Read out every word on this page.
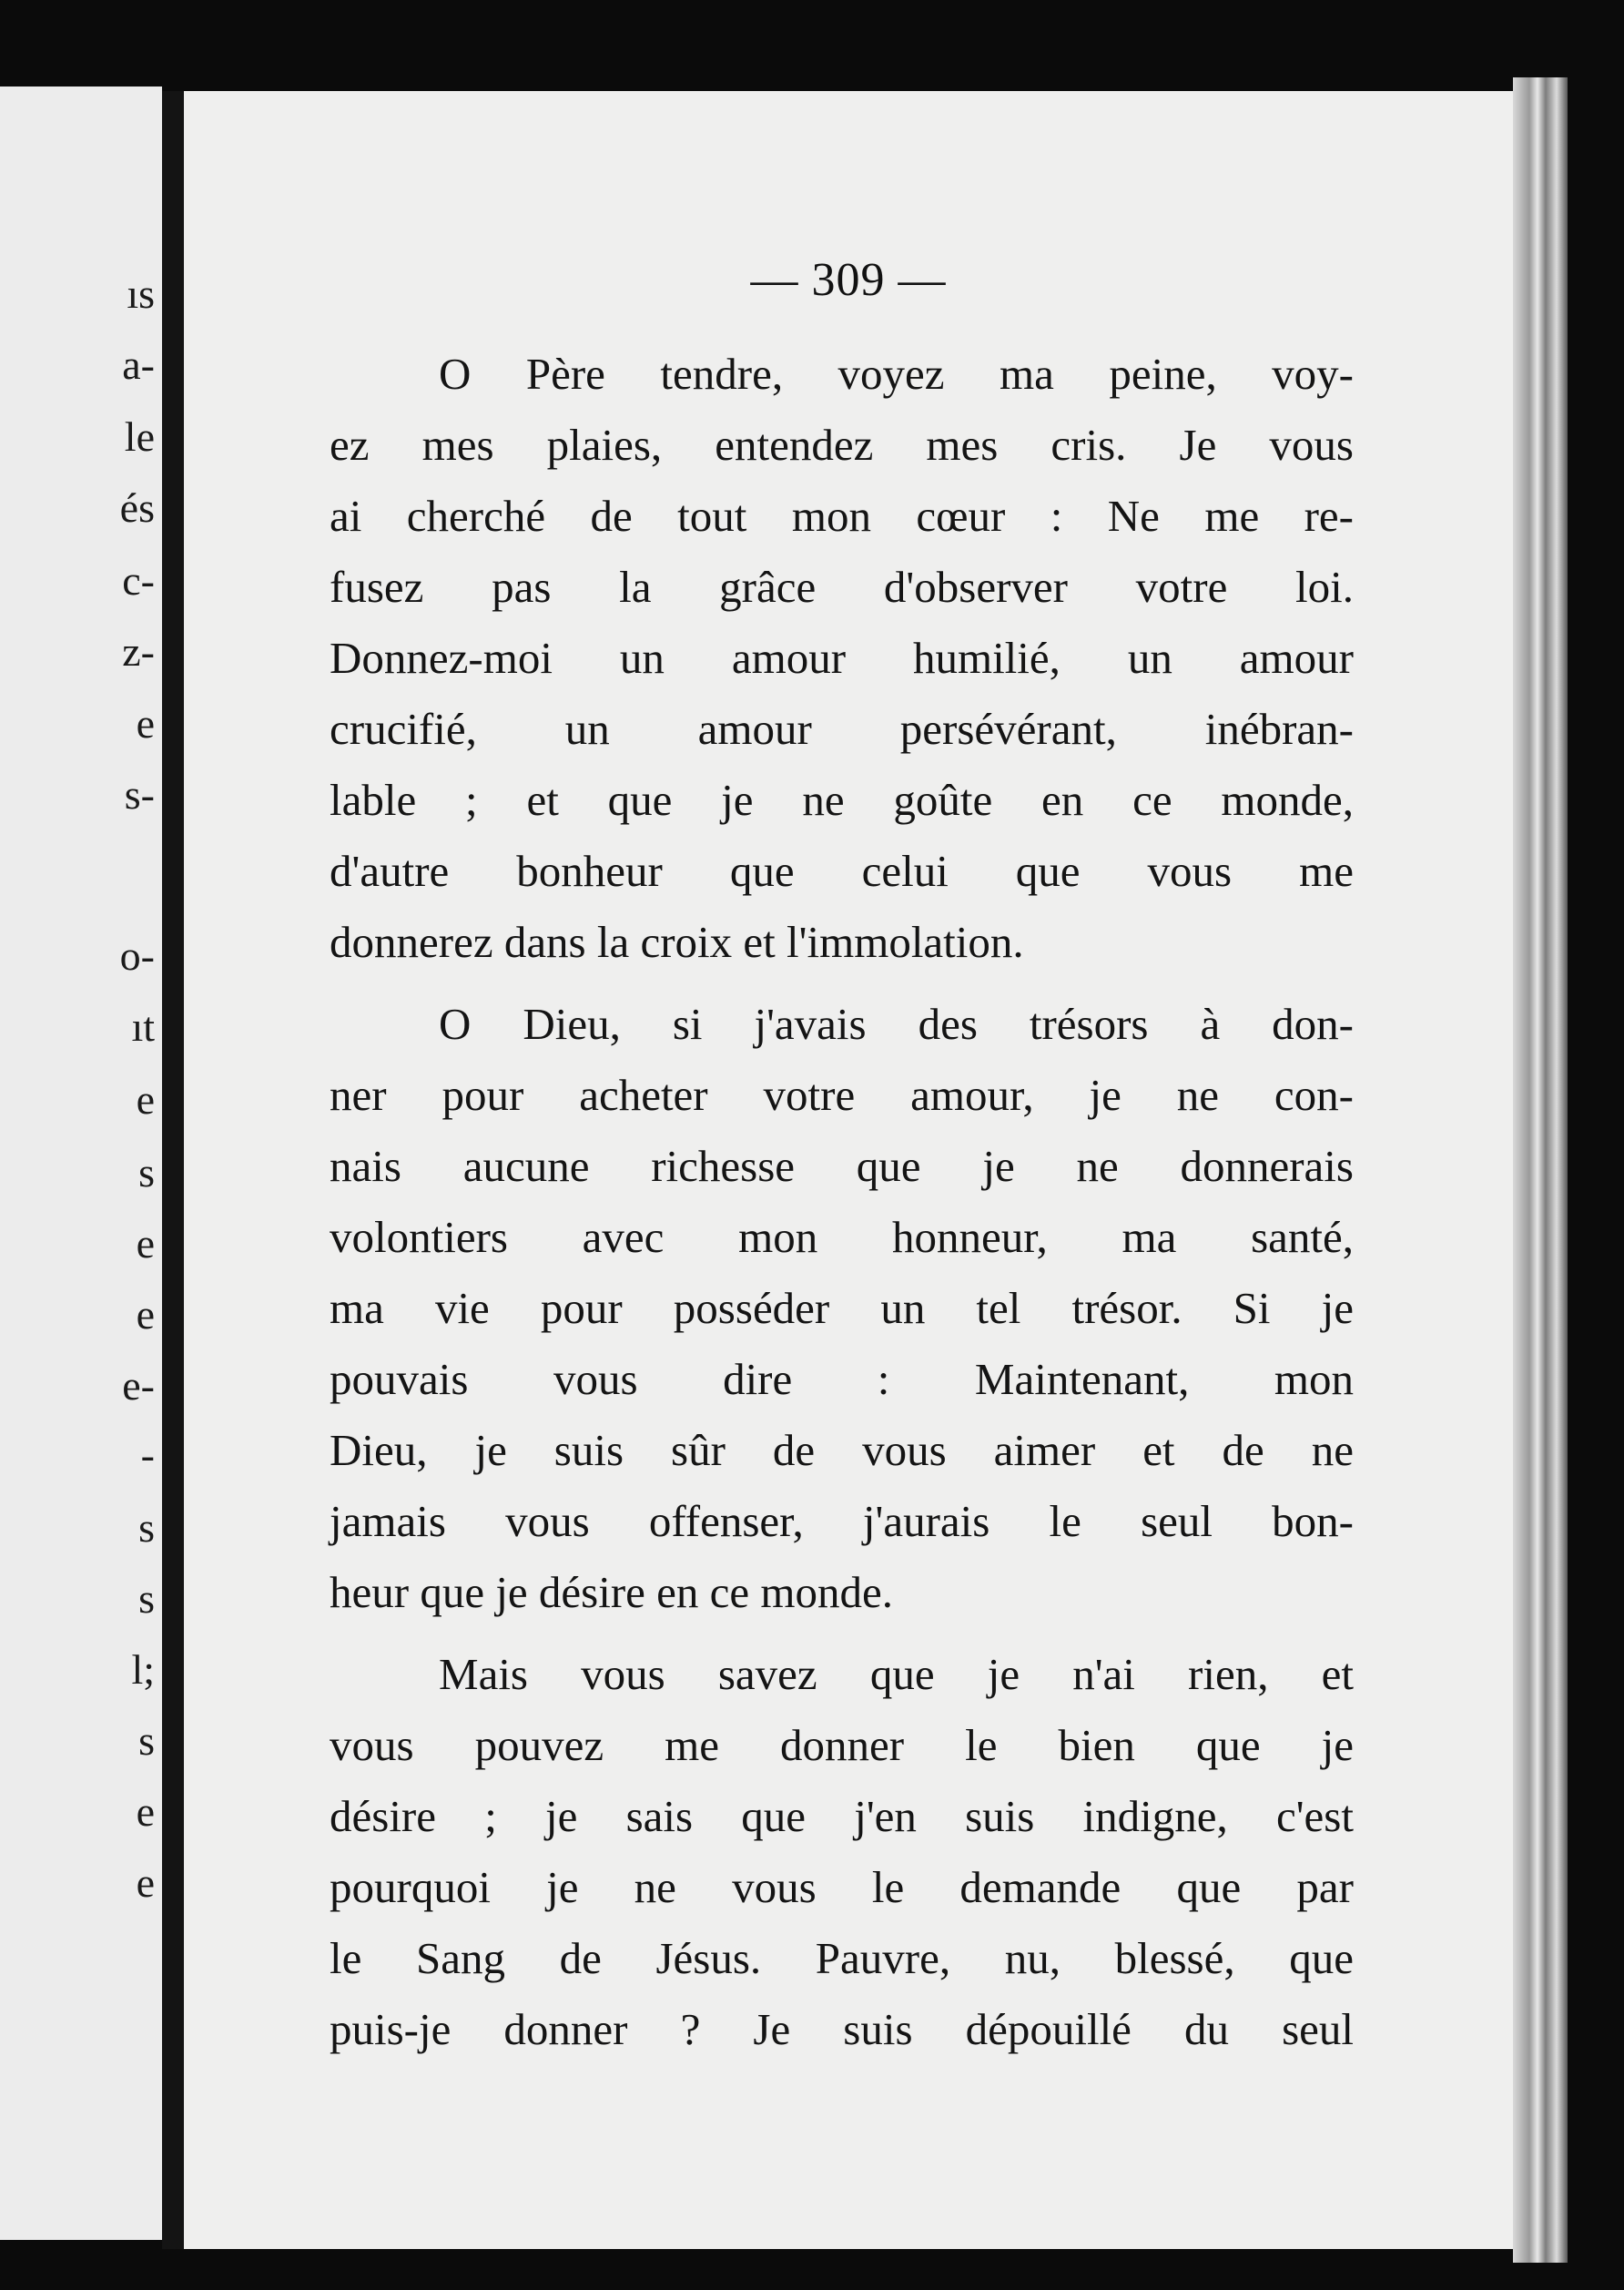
ıs
a-
le
és
c-
z-
e
s-
o-
ıt
e
s
e
e
e-
-
s
s
l;
s
e
e
— 309 —
O Père tendre, voyez ma peine, voy-
ez mes plaies, entendez mes cris. Je vous
ai cherché de tout mon cœur : Ne me re-
fusez pas la grâce d'observer votre loi.
Donnez-moi un amour humilié, un amour
crucifié, un amour persévérant, inébran-
lable ; et que je ne goûte en ce monde,
d'autre bonheur que celui que vous me
donnerez dans la croix et l'immolation.
O Dieu, si j'avais des trésors à don-
ner pour acheter votre amour, je ne con-
nais aucune richesse que je ne donnerais
volontiers avec mon honneur, ma santé,
ma vie pour posséder un tel trésor. Si je
pouvais vous dire : Maintenant, mon
Dieu, je suis sûr de vous aimer et de ne
jamais vous offenser, j'aurais le seul bon-
heur que je désire en ce monde.
Mais vous savez que je n'ai rien, et
vous pouvez me donner le bien que je
désire ; je sais que j'en suis indigne, c'est
pourquoi je ne vous le demande que par
le Sang de Jésus. Pauvre, nu, blessé, que
puis-je donner ? Je suis dépouillé du seul
